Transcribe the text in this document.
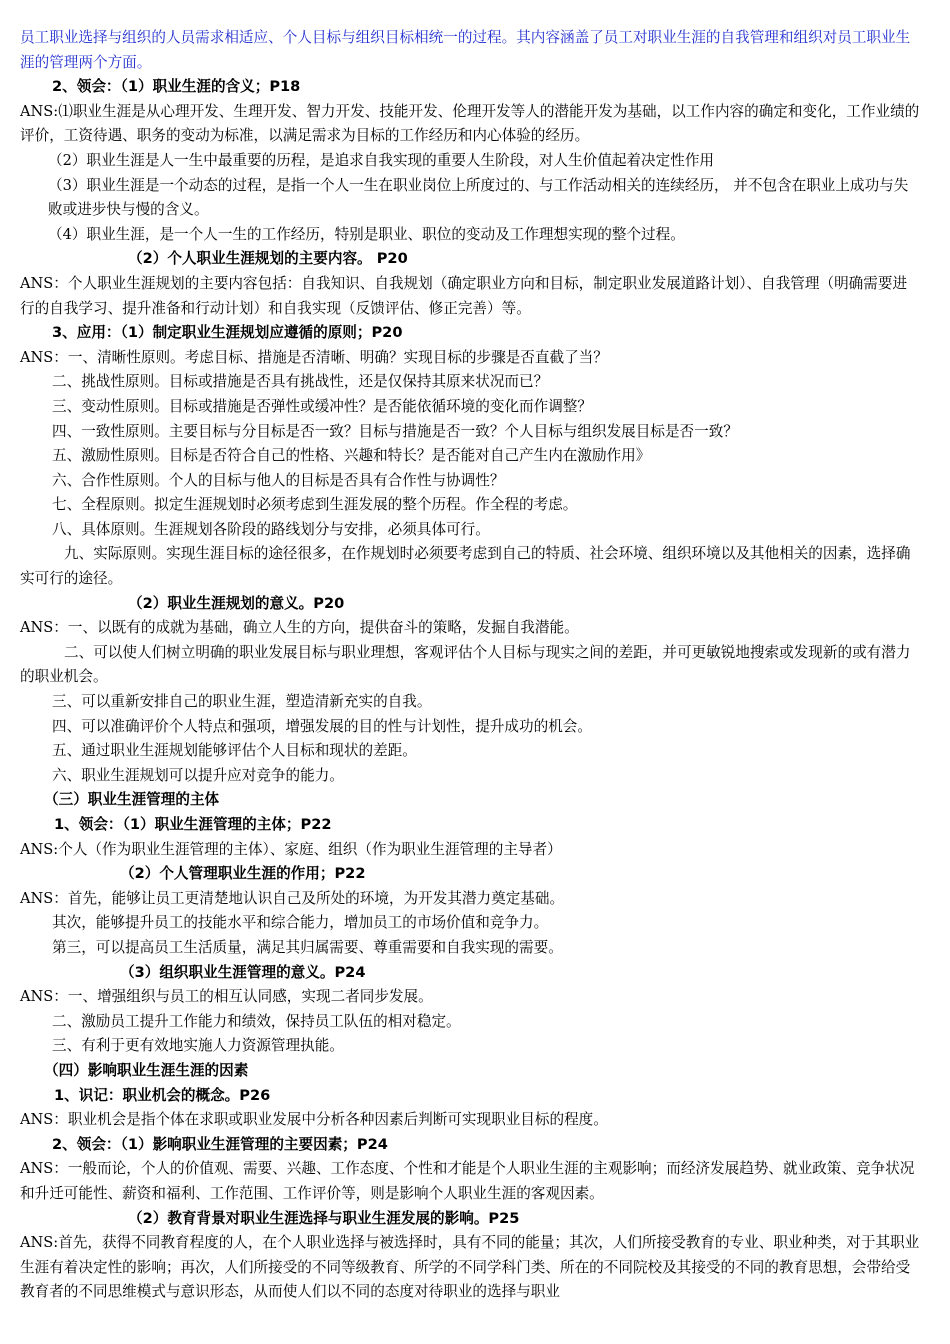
员工职业选择与组织的人员需求相适应、个人目标与组织目标相统一的过程。其内容涵盖了员工对职业生涯的自我管理和组织对员工职业生涯的管理两个方面。

2、领会：（1）职业生涯的含义；P18

ANS:⑴职业生涯是从心理开发、生理开发、智力开发、技能开发、伦理开发等人的潜能开发为基础，以工作内容的确定和变化，工作业绩的评价，工资待遇、职务的变动为标准，以满足需求为目标的工作经历和内心体验的经历。

（2）职业生涯是人一生中最重要的历程，是追求自我实现的重要人生阶段，对人生价值起着决定性作用

（3）职业生涯是一个动态的过程，是指一个人一生在职业岗位上所度过的、与工作活动相关的连续经历， 并不包含在职业上成功与失败或进步快与慢的含义。

（4）职业生涯，是一个人一生的工作经历，特别是职业、职位的变动及工作理想实现的整个过程。

（2）个人职业生涯规划的主要内容。 P20

ANS：个人职业生涯规划的主要内容包括：自我知识、自我规划（确定职业方向和目标，制定职业发展道路计划）、自我管理（明确需要进行的自我学习、提升准备和行动计划）和自我实现（反馈评估、修正完善）等。

3、应用：（1）制定职业生涯规划应遵循的原则；P20

ANS：一、清晰性原则。考虑目标、措施是否清晰、明确？实现目标的步骤是否直截了当？

二、挑战性原则。目标或措施是否具有挑战性，还是仅保持其原来状况而已？

三、变动性原则。目标或措施是否弹性或缓冲性？是否能依循环境的变化而作调整？

四、一致性原则。主要目标与分目标是否一致？目标与措施是否一致？个人目标与组织发展目标是否一致？

五、激励性原则。目标是否符合自己的性格、兴趣和特长？是否能对自己产生内在激励作用》

六、合作性原则。个人的目标与他人的目标是否具有合作性与协调性？

七、全程原则。拟定生涯规划时必须考虑到生涯发展的整个历程。作全程的考虑。

八、具体原则。生涯规划各阶段的路线划分与安排，必须具体可行。

九、实际原则。实现生涯目标的途径很多，在作规划时必须要考虑到自己的特质、社会环境、组织环境以及其他相关的因素，选择确实可行的途径。

（2）职业生涯规划的意义。P20

ANS：一、以既有的成就为基础，确立人生的方向，提供奋斗的策略，发掘自我潜能。

二、可以使人们树立明确的职业发展目标与职业理想，客观评估个人目标与现实之间的差距，并可更敏锐地搜索或发现新的或有潜力的职业机会。

三、可以重新安排自己的职业生涯，塑造清新充实的自我。

四、可以准确评价个人特点和强项，增强发展的目的性与计划性，提升成功的机会。

五、通过职业生涯规划能够评估个人目标和现状的差距。

六、职业生涯规划可以提升应对竞争的能力。

（三）职业生涯管理的主体

1、领会：（1）职业生涯管理的主体；P22

ANS:个人（作为职业生涯管理的主体）、家庭、组织（作为职业生涯管理的主导者）

（2）个人管理职业生涯的作用；P22

ANS：首先，能够让员工更清楚地认识自己及所处的环境，为开发其潜力奠定基础。

其次，能够提升员工的技能水平和综合能力，增加员工的市场价值和竞争力。

第三，可以提高员工生活质量，满足其归属需要、尊重需要和自我实现的需要。

（3）组织职业生涯管理的意义。P24

ANS：一、增强组织与员工的相互认同感，实现二者同步发展。

二、激励员工提升工作能力和绩效，保持员工队伍的相对稳定。

三、有利于更有效地实施人力资源管理执能。

（四）影响职业生涯生涯的因素

1、识记：职业机会的概念。P26

ANS：职业机会是指个体在求职或职业发展中分析各种因素后判断可实现职业目标的程度。

2、领会：（1）影响职业生涯管理的主要因素；P24

ANS：一般而论，个人的价值观、需要、兴趣、工作态度、个性和才能是个人职业生涯的主观影响；而经济发展趋势、就业政策、竞争状况和升迁可能性、薪资和福利、工作范围、工作评价等，则是影响个人职业生涯的客观因素。

（2）教育背景对职业生涯选择与职业生涯发展的影响。P25

ANS:首先，获得不同教育程度的人，在个人职业选择与被选择时，具有不同的能量；其次，人们所接受教育的专业、职业种类，对于其职业生涯有着决定性的影响；再次，人们所接受的不同等级教育、所学的不同学科门类、所在的不同院校及其接受的不同的教育思想，会带给受教育者的不同思维模式与意识形态，从而使人们以不同的态度对待职业的选择与职业
